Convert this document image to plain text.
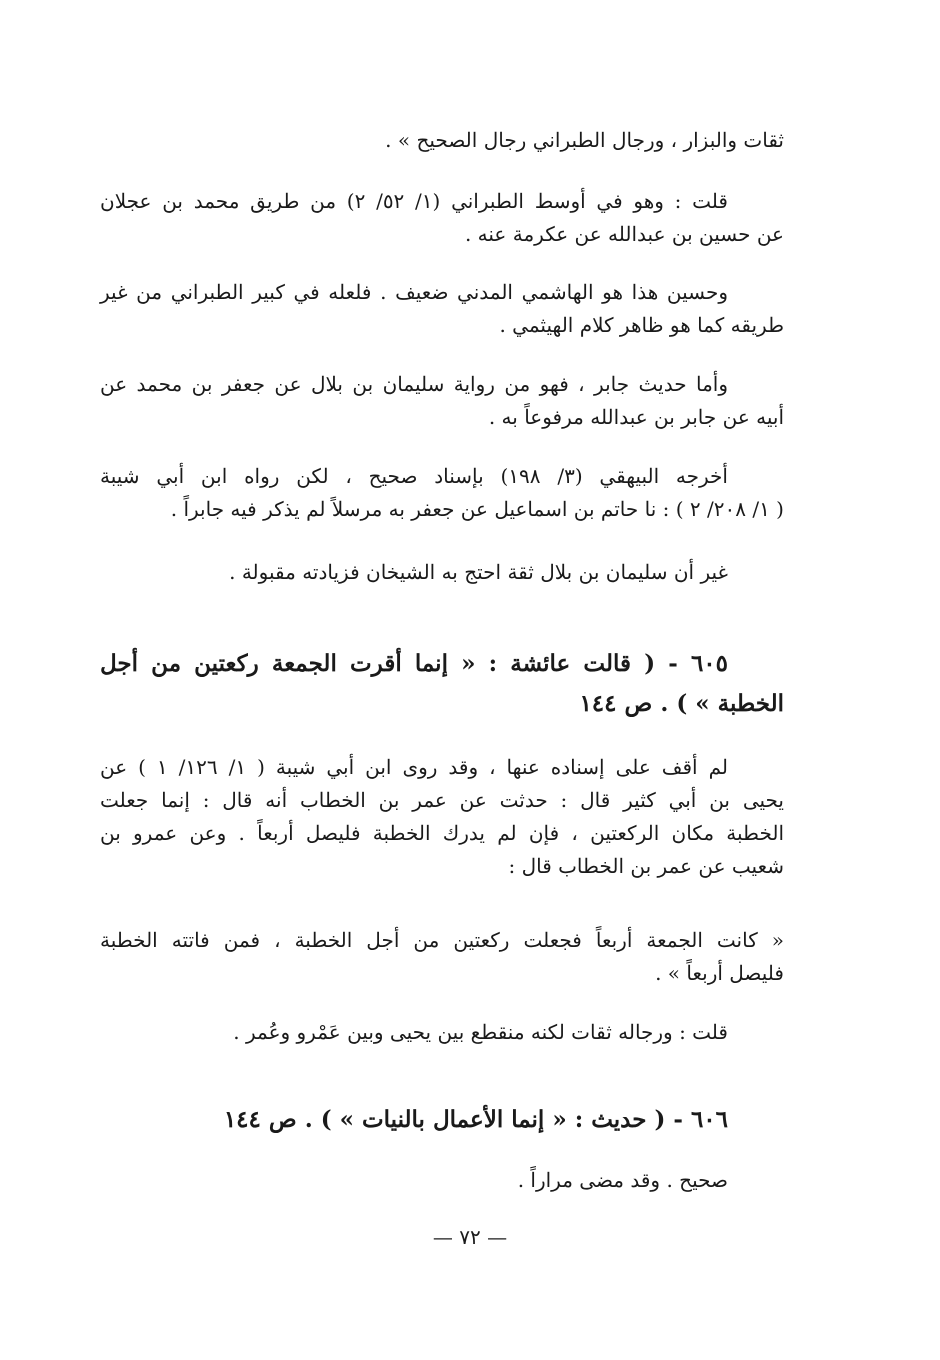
ثقات والبزار ، ورجال الطبراني رجال الصحيح » .
قلت : وهو في أوسط الطبراني (١/ ٥٢/ ٢) من طريق محمد بن عجلان
عن حسين بن عبدالله عن عكرمة عنه .
وحسين هذا هو الهاشمي المدني ضعيف . فلعله في كبير الطبراني من غير
طريقه كما هو ظاهر كلام الهيثمي .
وأما حديث جابر ، فهو من رواية سليمان بن بلال عن جعفر بن محمد عن
أبيه عن جابر بن عبدالله مرفوعاً به .
أخرجه البيهقي (٣/ ١٩٨) بإسناد صحيح ، لكن رواه ابن أبي شيبة
( ١/ ٢٠٨/ ٢ ) : نا حاتم بن اسماعيل عن جعفر به مرسلاً لم يذكر فيه جابراً .
غير أن سليمان بن بلال ثقة احتج به الشيخان فزيادته مقبولة .
٦٠٥ - ( قالت عائشة : « إنما أقرت الجمعة ركعتين من أجل
الخطبة » ) . ص ١٤٤
لم أقف على إسناده عنها ، وقد روى ابن أبي شيبة ( ١/ ١٢٦/ ١ ) عن
يحيى بن أبي كثير قال : حدثت عن عمر بن الخطاب أنه قال : إنما جعلت
الخطبة مكان الركعتين ، فإن لم يدرك الخطبة فليصل أربعاً . وعن عمرو بن
شعيب عن عمر بن الخطاب قال :
« كانت الجمعة أربعاً فجعلت ركعتين من أجل الخطبة ، فمن فاتته الخطبة
فليصل أربعاً » .
قلت : ورجاله ثقات لكنه منقطع بين يحيى وبين عَمْرو وعُمر .
٦٠٦ - ( حديث : « إنما الأعمال بالنيات » ) . ص ١٤٤
صحيح . وقد مضى مراراً .
— ٧٢ —
